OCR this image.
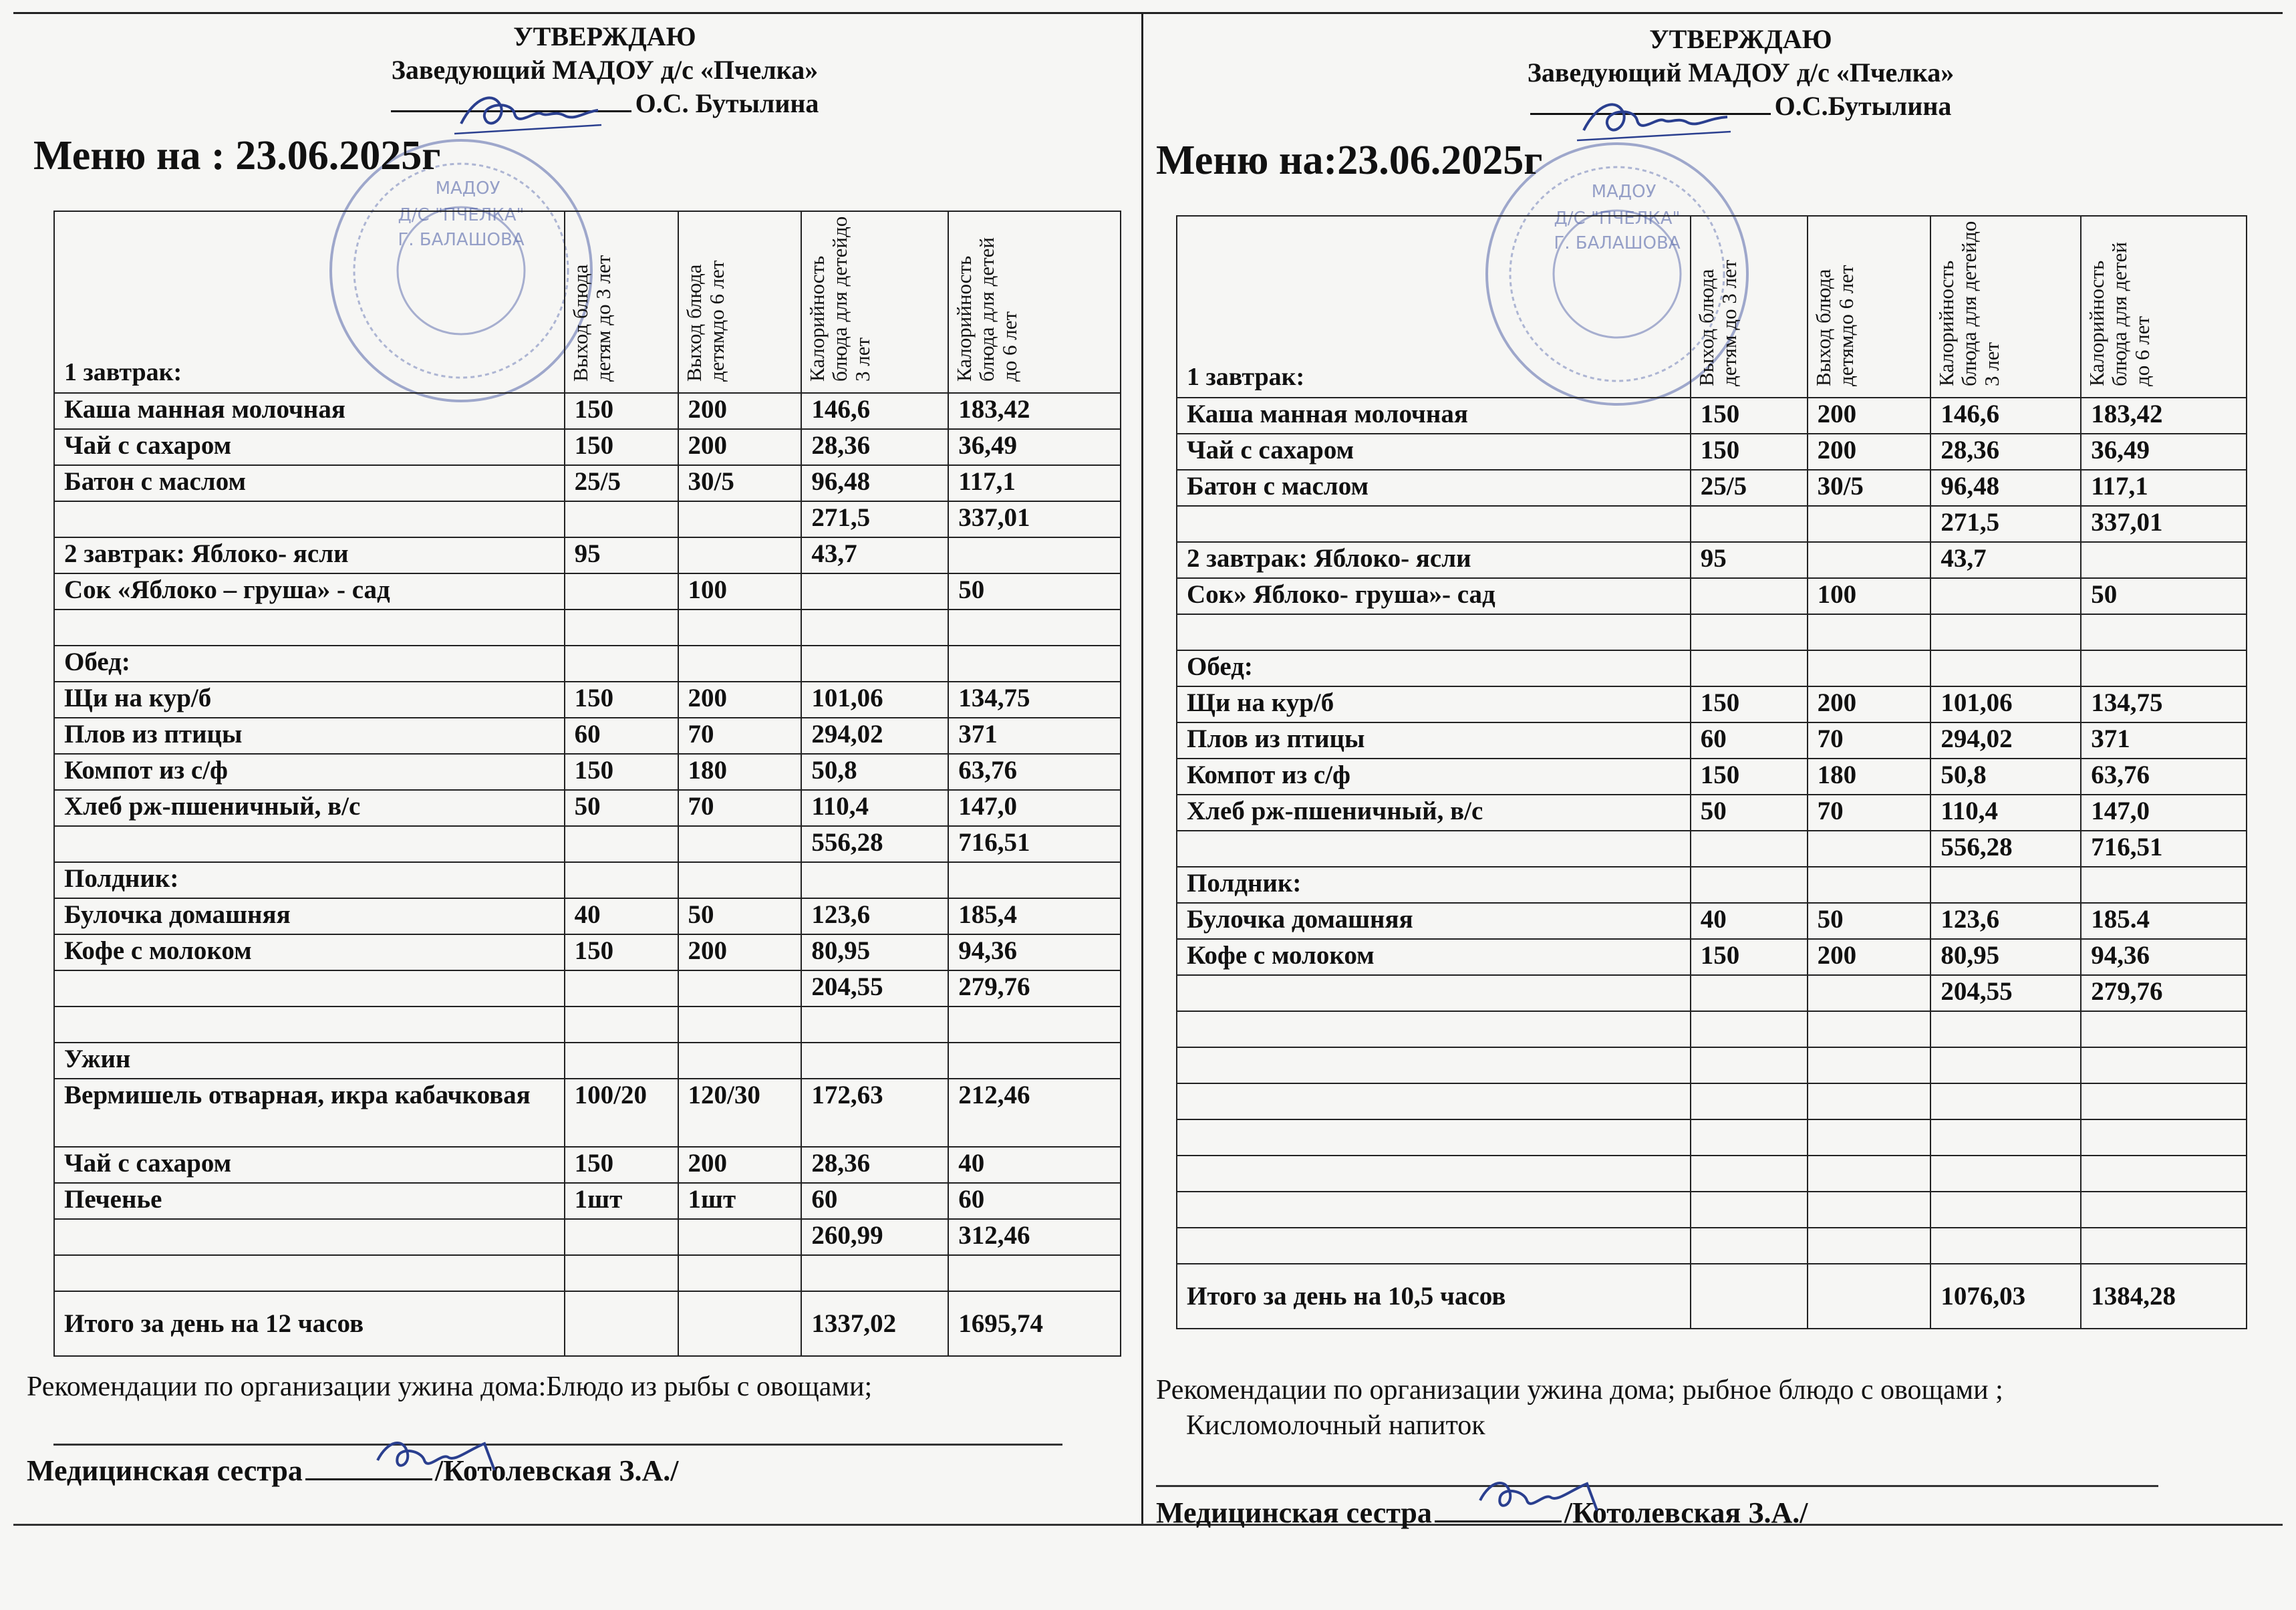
УТВЕРЖДАЮ
Заведующий МАДОУ д/с «Пчелка»
О.С. Бутылина
МАДОУ
Д/С "ПЧЕЛКА"
Г. БАЛАШОВА
Меню на : 23.06.2025г
1 завтрак:	Выход блюда детям до 3 лет	Выход блюда детямдо 6 лет	Калорийность блюда для детейдо 3 лет	Калорийность блюда для детей до 6 лет
Каша манная молочная	150	200	146,6	183,42
Чай с сахаром	150	200	28,36	36,49
Батон с маслом	25/5	30/5	96,48	117,1
			271,5	337,01
2 завтрак: Яблоко- ясли	95		43,7	
Сок «Яблоко – груша» - сад		100		50

Обед:				
Щи на кур/б	150	200	101,06	134,75
Плов из птицы	60	70	294,02	371
Компот из с/ф	150	180	50,8	63,76
Хлеб рж-пшеничный, в/с	50	70	110,4	147,0
			556,28	716,51
Полдник:				
Булочка домашняя	40	50	123,6	185,4
Кофе с молоком	150	200	80,95	94,36
			204,55	279,76

Ужин				
Вермишель отварная, икра кабачковая	100/20	120/30	172,63	212,46
Чай с сахаром	150	200	28,36	40
Печенье	1шт	1шт	60	60
			260,99	312,46

Итого за день на 12 часов			1337,02	1695,74
Рекомендации по организации ужина дома:Блюдо из рыбы с овощами;
Медицинская сестра	/Котолевская З.А./
УТВЕРЖДАЮ
Заведующий МАДОУ д/с «Пчелка»
О.С.Бутылина
МАДОУ
Д/С "ПЧЕЛКА"
Г. БАЛАШОВА
Меню на:23.06.2025г
1 завтрак:	Выход блюда детям до 3 лет	Выход блюда детямдо 6 лет	Калорийность блюда для детейдо 3 лет	Калорийность блюда для детей до 6 лет
Каша манная молочная	150	200	146,6	183,42
Чай с сахаром	150	200	28,36	36,49
Батон с маслом	25/5	30/5	96,48	117,1
			271,5	337,01
2 завтрак: Яблоко- ясли	95		43,7	
Сок» Яблоко- груша»- сад		100		50

Обед:				
Щи на кур/б	150	200	101,06	134,75
Плов из птицы	60	70	294,02	371
Компот из с/ф	150	180	50,8	63,76
Хлеб рж-пшеничный, в/с	50	70	110,4	147,0
			556,28	716,51
Полдник:				
Булочка домашняя	40	50	123,6	185.4
Кофе с молоком	150	200	80,95	94,36
			204,55	279,76

Итого за день на 10,5 часов			1076,03	1384,28
Рекомендации по организации ужина дома; рыбное блюдо с овощами ;
Кисломолочный напиток
Медицинская сестра	/Котолевская З.А./
